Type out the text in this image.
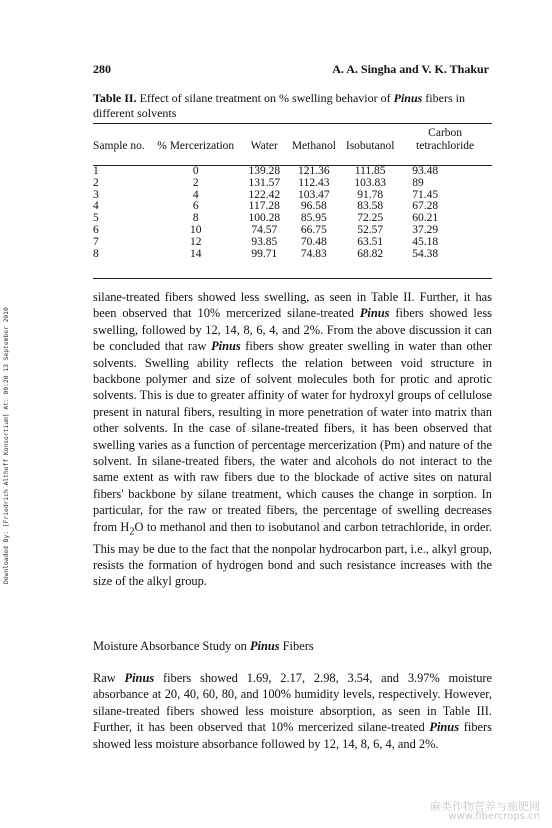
280	A. A. Singha and V. K. Thakur
Table II. Effect of silane treatment on % swelling behavior of Pinus fibers in different solvents
Sample no.	% Mercerization	Water	Methanol	Isobutanol	Carbon tetrachloride
1	0	139.28	121.36	111.85	93.48
2	2	131.57	112.43	103.83	89
3	4	122.42	103.47	91.78	71.45
4	6	117.28	96.58	83.58	67.28
5	8	100.28	85.95	72.25	60.21
6	10	74.57	66.75	52.57	37.29
7	12	93.85	70.48	63.51	45.18
8	14	99.71	74.83	68.82	54.38
silane-treated fibers showed less swelling, as seen in Table II. Further, it has been observed that 10% mercerized silane-treated Pinus fibers showed less swelling, followed by 12, 14, 8, 6, 4, and 2%. From the above discussion it can be concluded that raw Pinus fibers show greater swelling in water than other solvents. Swelling ability reflects the relation between void structure in backbone polymer and size of solvent molecules both for protic and aprotic solvents. This is due to greater affinity of water for hydroxyl groups of cellulose present in natural fibers, resulting in more penetration of water into matrix than other solvents. In the case of silane-treated fibers, it has been observed that swelling varies as a function of percentage mercerization (Pm) and nature of the solvent. In silane-treated fibers, the water and alcohols do not interact to the same extent as with raw fibers due to the blockade of active sites on natural fibers' backbone by silane treatment, which causes the change in sorption. In particular, for the raw or treated fibers, the percentage of swelling decreases from $H_2O$ to methanol and then to isobutanol and carbon tetrachloride, in order. This may be due to the fact that the nonpolar hydrocarbon part, i.e., alkyl group, resists the formation of hydrogen bond and such resistance increases with the size of the alkyl group.
Moisture Absorbance Study on Pinus Fibers
Raw Pinus fibers showed 1.69, 2.17, 2.98, 3.54, and 3.97% moisture absorbance at 20, 40, 60, 80, and 100% humidity levels, respectively. However, silane-treated fibers showed less moisture absorption, as seen in Table III. Further, it has been observed that 10% mercerized silane-treated Pinus fibers showed less moisture absorbance followed by 12, 14, 8, 6, 4, and 2%.
Downloaded By: [Friedrich Althoff Konsortium] At: 00:20 13 September 2010
麻类作物营养与施肥网
www.fibercrops.cn
